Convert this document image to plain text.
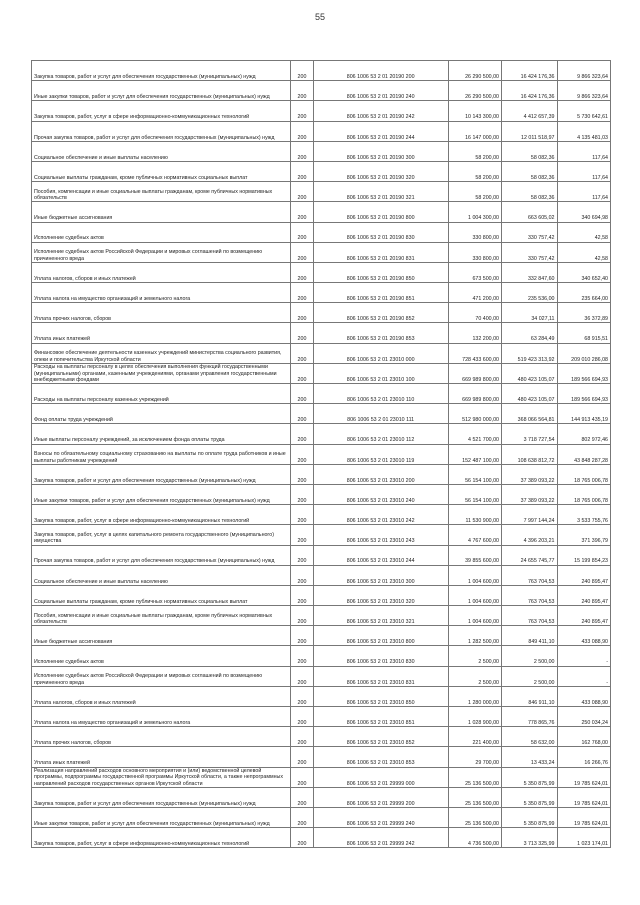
55
Закупка товаров, работ и услуг для обеспечения государственных (муниципальных) нужд	200	806 1006 53 2 01 20190 200	26 290 500,00	16 424 176,36	9 866 323,64
Иные закупки товаров, работ и услуг для обеспечения государственных (муниципальных) нужд	200	806 1006 53 2 01 20190 240	26 290 500,00	16 424 176,36	9 866 323,64
Закупка товаров, работ, услуг в сфере информационно-коммуникационных технологий	200	806 1006 53 2 01 20190 242	10 143 300,00	4 412 657,39	5 730 642,61
Прочая закупка товаров, работ и услуг для обеспечения государственных (муниципальных) нужд	200	806 1006 53 2 01 20190 244	16 147 000,00	12 011 518,97	4 135 481,03
Социальное обеспечение и иные выплаты населению	200	806 1006 53 2 01 20190 300	58 200,00	58 082,36	117,64
Социальные выплаты гражданам, кроме публичных нормативных социальных выплат	200	806 1006 53 2 01 20190 320	58 200,00	58 082,36	117,64
Пособия, компенсации и иные социальные выплаты гражданам, кроме публичных нормативных обязательств	200	806 1006 53 2 01 20190 321	58 200,00	58 082,36	117,64
Иные бюджетные ассигнования	200	806 1006 53 2 01 20190 800	1 004 300,00	663 605,02	340 694,98
Исполнение судебных актов	200	806 1006 53 2 01 20190 830	330 800,00	330 757,42	42,58
Исполнение судебных актов Российской Федерации и мировых соглашений по возмещению причиненного вреда	200	806 1006 53 2 01 20190 831	330 800,00	330 757,42	42,58
Уплата налогов, сборов и иных платежей	200	806 1006 53 2 01 20190 850	673 500,00	332 847,60	340 652,40
Уплата налога на имущество организаций и земельного налога	200	806 1006 53 2 01 20190 851	471 200,00	235 536,00	235 664,00
Уплата прочих налогов, сборов	200	806 1006 53 2 01 20190 852	70 400,00	34 027,11	36 372,89
Уплата иных платежей	200	806 1006 53 2 01 20190 853	132 200,00	63 284,49	68 915,51
Финансовое обеспечение деятельности казенных учреждений министерства социального развития, опеки и попечительства Иркутской области	200	806 1006 53 2 01 23010 000	728 433 600,00	519 423 313,92	209 010 286,08
Расходы на выплаты персоналу в целях обеспечения выполнения функций государственными (муниципальными) органами, казенными учреждениями, органами управления государственными внебюджетными фондами	200	806 1006 53 2 01 23010 100	669 989 800,00	480 423 105,07	189 566 694,93
Расходы на выплаты персоналу казенных учреждений	200	806 1006 53 2 01 23010 110	669 989 800,00	480 423 105,07	189 566 694,93
Фонд оплаты труда учреждений	200	806 1006 53 2 01 23010 111	512 980 000,00	368 066 564,81	144 913 435,19
Иные выплаты персоналу учреждений, за исключением фонда оплаты труда	200	806 1006 53 2 01 23010 112	4 521 700,00	3 718 727,54	802 972,46
Взносы по обязательному социальному страхованию на выплаты по оплате труда работников и иные выплаты работникам учреждений	200	806 1006 53 2 01 23010 119	152 487 100,00	108 638 812,72	43 848 287,28
Закупка товаров, работ и услуг для обеспечения государственных (муниципальных) нужд	200	806 1006 53 2 01 23010 200	56 154 100,00	37 389 093,22	18 765 006,78
Иные закупки товаров, работ и услуг для обеспечения государственных (муниципальных) нужд	200	806 1006 53 2 01 23010 240	56 154 100,00	37 389 093,22	18 765 006,78
Закупка товаров, работ, услуг в сфере информационно-коммуникационных технологий	200	806 1006 53 2 01 23010 242	11 530 900,00	7 997 144,24	3 533 755,76
Закупка товаров, работ, услуг в целях капитального ремонта государственного (муниципального) имущества	200	806 1006 53 2 01 23010 243	4 767 600,00	4 396 203,21	371 396,79
Прочая закупка товаров, работ и услуг для обеспечения государственных (муниципальных) нужд	200	806 1006 53 2 01 23010 244	39 855 600,00	24 655 745,77	15 199 854,23
Социальное обеспечение и иные выплаты населению	200	806 1006 53 2 01 23010 300	1 004 600,00	763 704,53	240 895,47
Социальные выплаты гражданам, кроме публичных нормативных социальных выплат	200	806 1006 53 2 01 23010 320	1 004 600,00	763 704,53	240 895,47
Пособия, компенсации и иные социальные выплаты гражданам, кроме публичных нормативных обязательств	200	806 1006 53 2 01 23010 321	1 004 600,00	763 704,53	240 895,47
Иные бюджетные ассигнования	200	806 1006 53 2 01 23010 800	1 282 500,00	849 411,10	433 088,90
Исполнение судебных актов	200	806 1006 53 2 01 23010 830	2 500,00	2 500,00	-
Исполнение судебных актов Российской Федерации и мировых соглашений по возмещению причиненного вреда	200	806 1006 53 2 01 23010 831	2 500,00	2 500,00	-
Уплата налогов, сборов и иных платежей	200	806 1006 53 2 01 23010 850	1 280 000,00	846 911,10	433 088,90
Уплата налога на имущество организаций и земельного налога	200	806 1006 53 2 01 23010 851	1 028 900,00	778 865,76	250 034,24
Уплата прочих налогов, сборов	200	806 1006 53 2 01 23010 852	221 400,00	58 632,00	162 768,00
Уплата иных платежей	200	806 1006 53 2 01 23010 853	29 700,00	13 433,24	16 266,76
Реализация направлений расходов основного мероприятия и (или) ведомственной целевой программы, подпрограммы государственной программы Иркутской области, а также непрограммных направлений расходов государственных органов Иркутской области	200	806 1006 53 2 01 29999 000	25 136 500,00	5 350 875,99	19 785 624,01
Закупка товаров, работ и услуг для обеспечения государственных (муниципальных) нужд	200	806 1006 53 2 01 29999 200	25 136 500,00	5 350 875,99	19 785 624,01
Иные закупки товаров, работ и услуг для обеспечения государственных (муниципальных) нужд	200	806 1006 53 2 01 29999 240	25 136 500,00	5 350 875,99	19 785 624,01
Закупка товаров, работ, услуг в сфере информационно-коммуникационных технологий	200	806 1006 53 2 01 29999 242	4 736 500,00	3 713 325,99	1 023 174,01
